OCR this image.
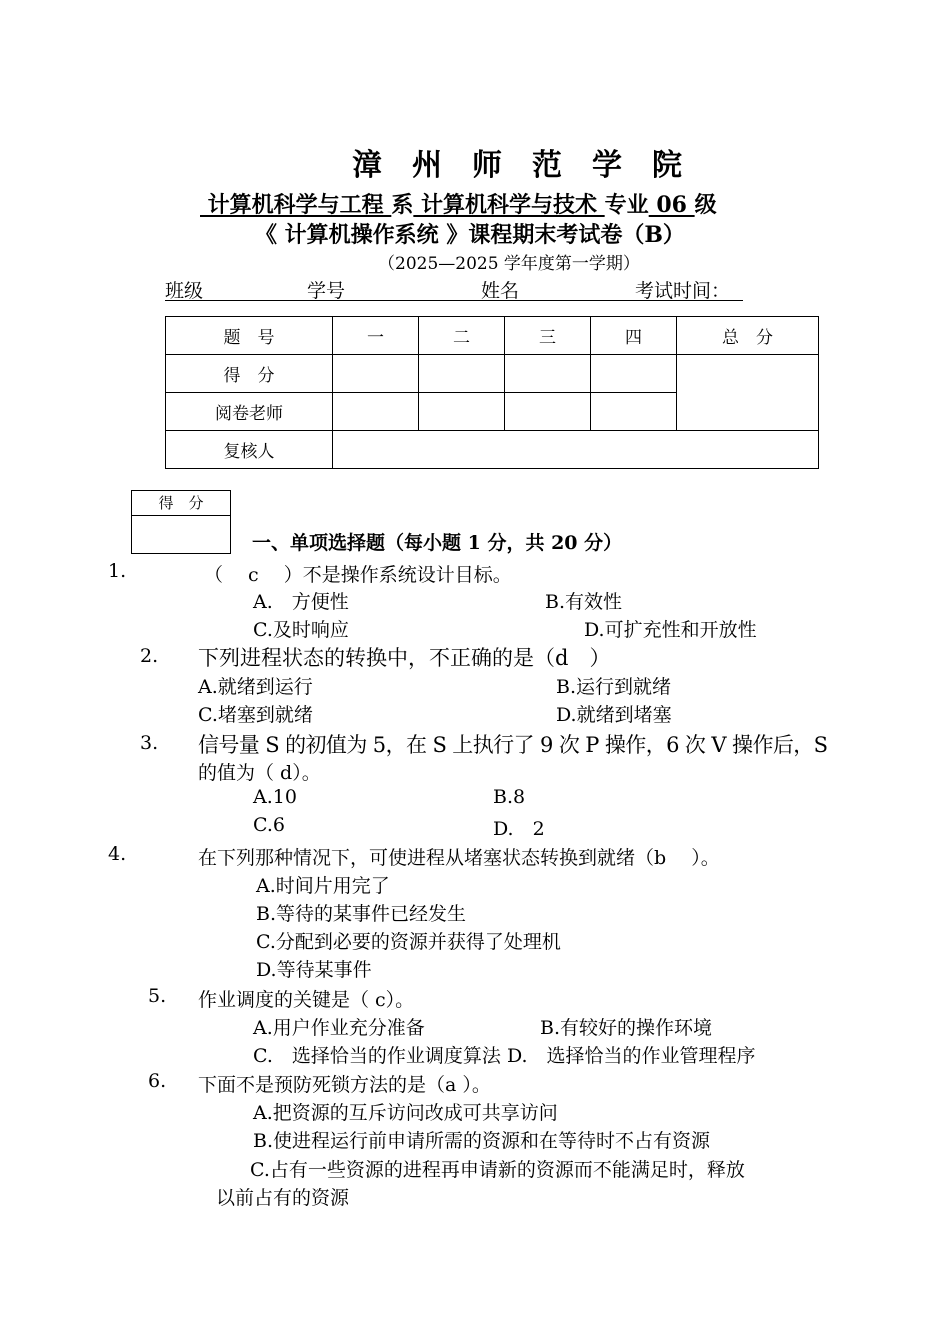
漳 州 师 范 学 院
计算机科学与工程 系 计算机科学与技术 专业 06 级
《 计算机操作系统 》课程期末考试卷（B）
（2025—2025 学年度第一学期）
班级	学号	姓名	考试时间：
题　号	一	二	三	四	总　分
得　分					
阅卷老师					
复核人					
得　分
一、单项选择题（每小题 1 分，共 20 分）
1.	（　 c　 ）不是操作系统设计目标。
A.　方便性	B.有效性
C.及时响应	D.可扩充性和开放性
2. 下列进程状态的转换中，不正确的是（d　）
A.就绪到运行	B.运行到就绪
C.堵塞到就绪	D.就绪到堵塞
3. 信号量 S 的初值为 5，在 S 上执行了 9 次 P 操作，6 次 V 操作后，S
的值为（ d）。
A.10	B.8
C.6	D.　2
4.	在下列那种情况下，可使进程从堵塞状态转换到就绪（b　 ）。
A.时间片用完了
B.等待的某事件已经发生
C.分配到必要的资源并获得了处理机
D.等待某事件
5. 作业调度的关键是（ c）。
A.用户作业充分准备	B.有较好的操作环境
C.　选择恰当的作业调度算法 D.　选择恰当的作业管理程序
6. 下面不是预防死锁方法的是（a ）。
A.把资源的互斥访问改成可共享访问
B.使进程运行前申请所需的资源和在等待时不占有资源
C.占有一些资源的进程再申请新的资源而不能满足时，释放
以前占有的资源
